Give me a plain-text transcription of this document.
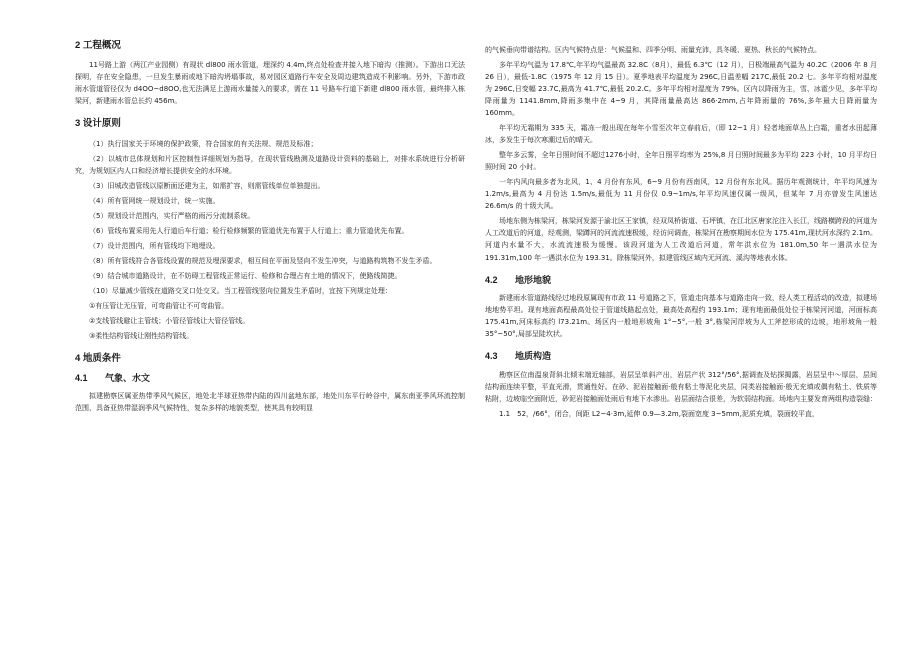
2 工程概况

11号路上游（两江产业园侧）有现状 dl800 雨水管道，埋深约 4.4m,终点处检查井接入地下暗沟（推测）。下游出口无法探明，存在安全隐患，一旦发生暴雨或地下暗沟坍塌事故，易对园区道路行车安全及周边建筑造成不利影响。另外，下游市政雨水管道管径仅为 d4OO~d8OO,也无法满足上游雨水量接入的要求，需在 11 号路车行道下新建 dl800 雨水管，最终排入栋梁河，新建雨水管总长约 456m。

3 设计原则

（1）执行国家关于环境的保护政策，符合国家的有关法规、规范及标准；

（2）以城市总体规划和片区控制性详细规划为指导，在现状管线勘测及道路设计资料的基础上，对排水系统进行分析研究，为规划区内人口和经济增长提供安全的水环境。

（3）旧城改造管线以原断面还建为主，如需扩容，则需管线单位单独提出。

（4）所有管网统一规划设计，统一实施。

（5）规划设计范围内，实行严格的雨污分流制系统。

（6）管线布置采用先人行道后车行道；检行检修频繁的管道优先布置于人行道上；重力管道优先布置。

（7）设计范围内，所有管线均下地埋设。

（8）所有管线符合各管线设置的规范及埋深要求，相互间在平面及竖向不发生冲突，与道路构筑物不发生矛盾。

（9）结合城市道路设计，在不妨碍工程管线正常运行、检修和合理占有土地的情况下，使路线简捷。

（10）尽量减少管线在道路交叉口处交叉。当工程管线竖向位置发生矛盾时，宜按下列规定处理：

①有压管让无压管，可弯曲管让不可弯曲管。

②支线管线避让主管线；小管径管线让大管径管线。

③柔性结构管线让刚性结构管线。

4 地质条件
4.1 气象、水文

拟建勘察区属亚热带季风气候区，地处北半球亚热带内陆的四川盆地东部，地处川东平行岭谷中，属东南亚季风环流控制范围，具备亚热带湿润季风气候特性，复杂多样的地貌类型，使其具有较明显

的气候垂向带谱结构。区内气候特点是：气候温和、四季分明、雨量充沛，具冬暖、夏热、秋长的气候特点。

多年平均气温为 17.8℃,年平均气温最高 32.8C（8月），最低 6.3℃（12 月），日极端最高气温为 40.2C（2006 年 8 月 26 日），最低-1.8C（1975 年 12 月 15 日）。夏季地表平均温度为 296C,日温差幅 217C,最低 20.2 七。多年平均相对温度为 296C,日变幅 23.7C,最高为 41.7℃,最低 20.2.C。多年平均相对湿度为 79%。区内以降雨为主，雪、冰雹少见，多年平均降雨量为 1141.8mm,降雨多集中在 4~9 月，其降雨量最高达 866·2mm,占年降雨量的 76%,多年最大日降雨量为 160mm。

年平均无霜期为 335 天，霜冻一般出现在每年小雪至次年立春前后，（即 12~1 月）轻者地面草丛上白霜，重者水田起薄冰，多发生于每次寒潮过后的晴天。

整年多云雾，全年日照时间不超过1276小时，全年日照平均率为 25%,8 月日照时间最多为平均 223 小时，10 月平均日照时间 20 小时。

一年内风向最多者为北风，1、4 月份有东风，6~9 月份有西南风，12 月份有东北风。据历年观测统计，年平均风速为 1.2m/s,最高为 4 月份达 1.5m/s,最低为 11 月份仅 0.9~1m/s,年平均风速仅属一级风，但某年 7 月亦曾发生风速达 26.6m/s 的十级大风。

场地东侧为栋梁河，栋梁河发源于渝北区王家镇，经双凤桥街道、石坪镇，在江北区唐家沱注入长江，线路横跨段的河道为人工改道后的河道，经观测，梁蹲河的河流流速极缓，经访问调查，栋梁河在勘察期间水位为 175.41m,现状河水深约 2.1m。河道内水量不大，水流流速极为缓慢。该段河道为人工改道后河道，常年洪水位为 181.0m,50 年一遇洪水位为 191.31m,100 年一遇洪水位为 193.31。除栋梁河外，拟建管线区域内无河流、溪沟等地表水体。

4.2 地形地貌

新建雨水管道路线经过地段原属现有市政 11 号道路之下，管道走向基本与道路走向一致，经人类工程活动的改造，拟建场地地势平坦。现有地面高程最高处位于管道线路起点处，最高处高程约 193.1m；现有地面最低处位于栋梁河河道，河面标高 175.41m,河床标高约 l73.21m。场区内一般地形坡角 1°~5°,一般 3°,栋梁河岸坡为人工斧挖形成的边坡，地形坡角一般 35°~50°,局部呈陡坎状。

4.3 地质构造

勘察区位南温泉背斜北倾末端近轴部，岩层呈单斜产出，岩层产状 312°/56°,据调查及钻探揭露，岩层呈中～厚层，层间结构面连续平整，平直光滑，贯通性好。在砂、泥岩接触面·般有粘土等泥化夹层，同类岩接触面·般无充填或偶有粘土、铁质等粘附，边坡临空面附近，砂泥岩接触面处雨后有地下水渗出。岩层面结合很差，为软弱结构面。场地内主要发育两组构造裂缝：

1.1　52，/66°，闭合，间距 L2~4·3m,延伸 0.9—3.2m,裂面宽度 3~5mm,泥质充填，裂面较平直，
